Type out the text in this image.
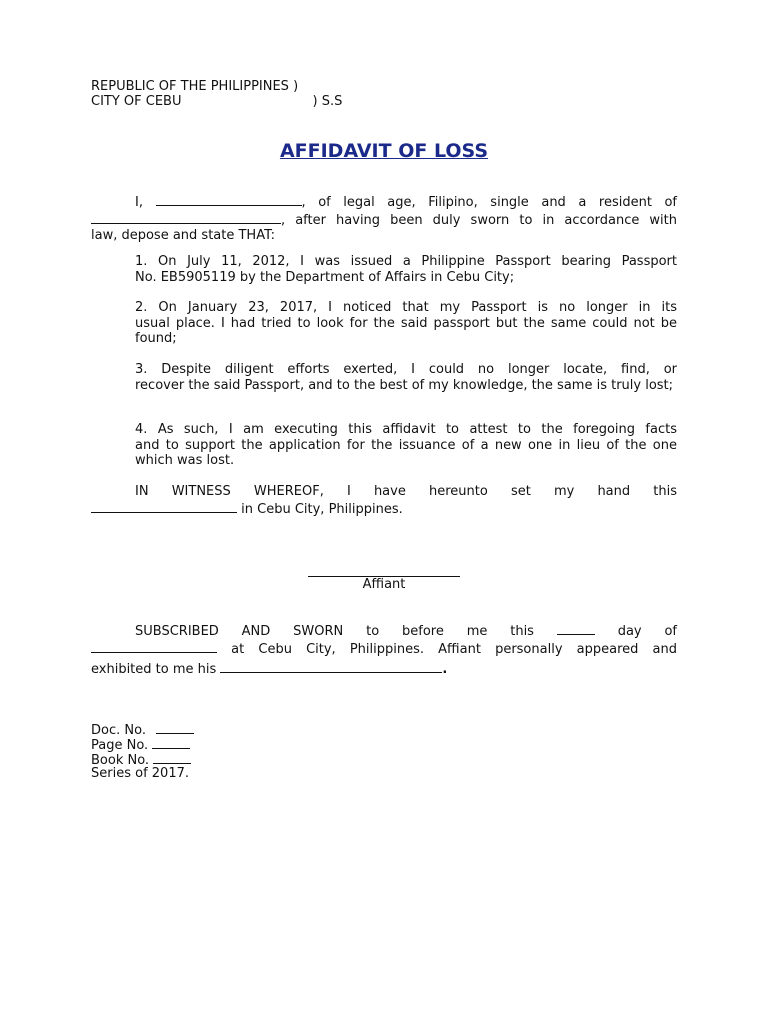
REPUBLIC OF THE PHILIPPINES )
CITY OF CEBU	) S.S
AFFIDAVIT OF LOSS
I,	, of legal age, Filipino, single and a resident of
, after having been duly sworn to in accordance with
law, depose and state THAT:
1. On July 11, 2012, I was issued a Philippine Passport bearing Passport
No. EB5905119 by the Department of Affairs in Cebu City;
2. On January 23, 2017, I noticed that my Passport is no longer in its
usual place. I had tried to look for the said passport but the same could not be found;
3. Despite diligent efforts exerted, I could no longer locate, find, or
recover the said Passport, and to the best of my knowledge, the same is truly lost;
4. As such, I am executing this affidavit to attest to the foregoing facts
and to support the application for the issuance of a new one in lieu of the one which was lost.
IN WITNESS WHEREOF, I have hereunto set my hand this
in Cebu City, Philippines.
Affiant
SUBSCRIBED AND SWORN to before me this	day of
at Cebu City, Philippines. Affiant personally appeared and
exhibited to me his	.
Doc. No.
Page No.
Book No.
Series of 2017.
